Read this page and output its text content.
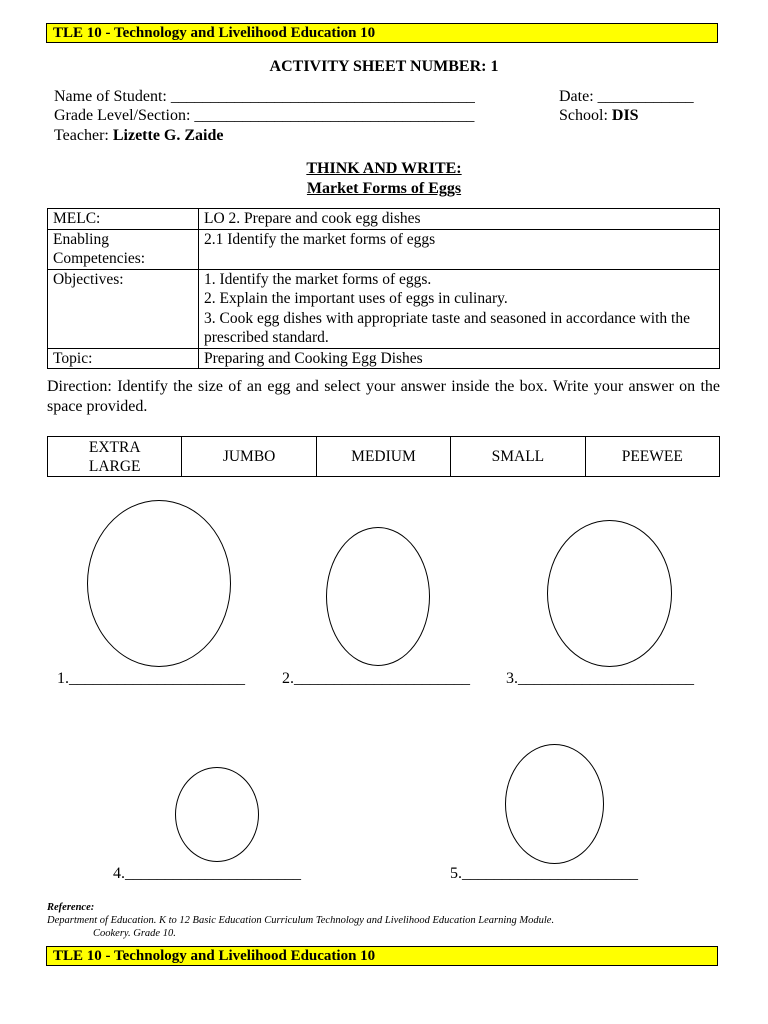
TLE 10 - Technology and Livelihood Education 10
ACTIVITY SHEET NUMBER: 1
Name of Student: ______________________________________
Grade Level/Section: ___________________________________
Teacher: Lizette G. Zaide
Date: ____________
School: DIS
THINK AND WRITE:
Market Forms of Eggs
MELC:	LO 2. Prepare and cook egg dishes
Enabling Competencies:	2.1 Identify the market forms of eggs
Objectives:	1. Identify the market forms of eggs.
2. Explain the important uses of eggs in culinary.
3. Cook egg dishes with appropriate taste and seasoned in accordance with the prescribed standard.

Topic:	Preparing and Cooking Egg Dishes
Direction: Identify the size of an egg and select your answer inside the box. Write your answer on the space provided.
EXTRA LARGE	JUMBO	MEDIUM	SMALL	PEEWEE
1.______________________ 2.______________________ 3.______________________
4.______________________	5.______________________
Reference:
Department of Education. K to 12 Basic Education Curriculum Technology and Livelihood Education Learning Module.
Cookery. Grade 10.
TLE 10 - Technology and Livelihood Education 10
